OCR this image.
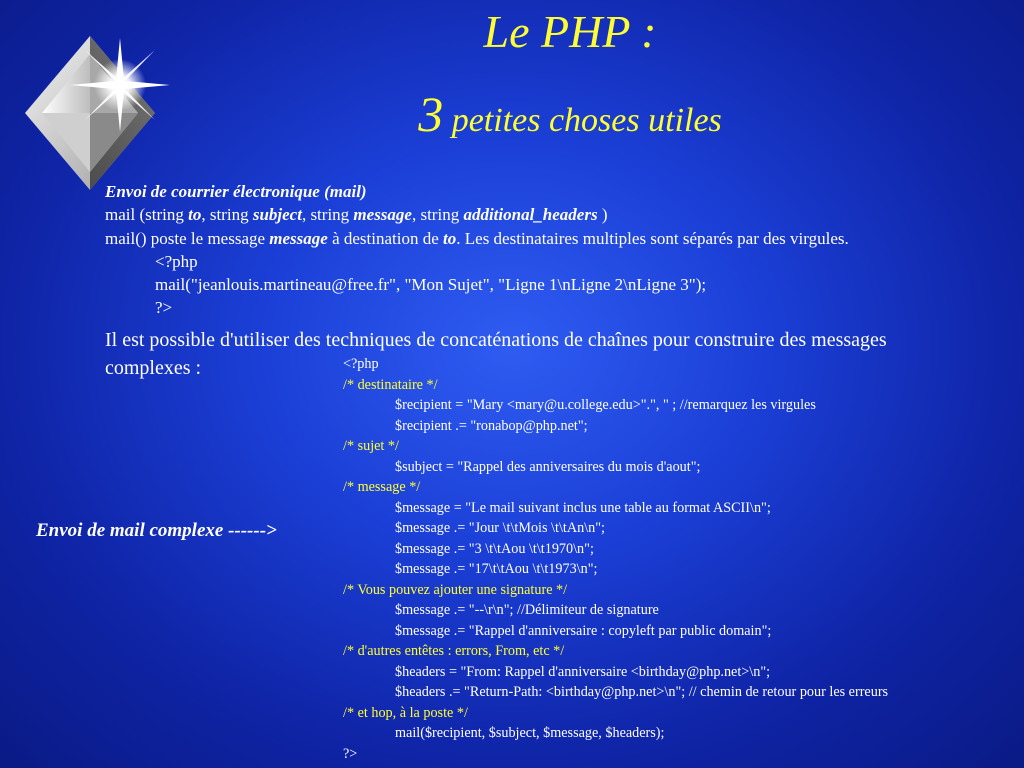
Le PHP :
3 petites choses utiles
Envoi de courrier électronique (mail)
mail (string to, string subject, string message, string additional_headers )
mail() poste le message message à destination de to. Les destinataires multiples sont séparés par des virgules.
<?php
mail("jeanlouis.martineau@free.fr", "Mon Sujet", "Ligne 1\nLigne 2\nLigne 3");
?>
Il est possible d'utiliser des techniques de concaténations de chaînes pour construire des messages complexes :
Envoi de mail complexe ------>
<?php
/* destinataire */
$recipient = "Mary <mary@u.college.edu>".", " ; //remarquez les virgules
$recipient .= "ronabop@php.net";
/* sujet */
$subject = "Rappel des anniversaires du mois d'aout";
/* message */
$message = "Le mail suivant inclus une table au format ASCII\n";
$message .= "Jour \t\tMois \t\tAn\n";
$message .= "3 \t\tAou \t\t1970\n";
$message .= "17\t\tAou \t\t1973\n";
/* Vous pouvez ajouter une signature */
$message .= "--\r\n"; //Délimiteur de signature
$message .= "Rappel d'anniversaire : copyleft par public domain";
/* d'autres entêtes : errors, From, etc */
$headers = "From: Rappel d'anniversaire <birthday@php.net>\n";
$headers .= "Return-Path: <birthday@php.net>\n"; // chemin de retour pour les erreurs
/* et hop, à la poste */
mail($recipient, $subject, $message, $headers);
?>
